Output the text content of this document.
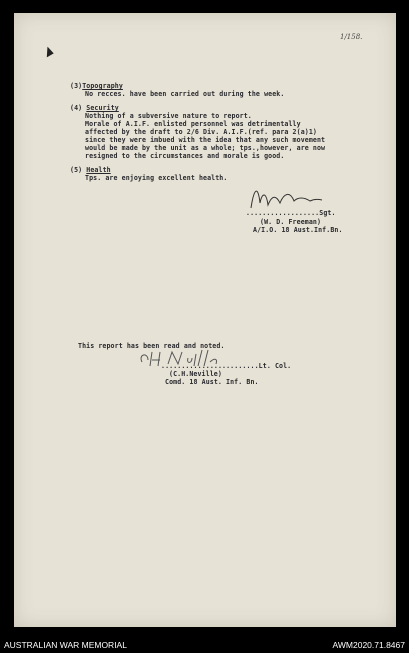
1/158.
(3)Topography
No recces. have been carried out during the week.
(4) Security
Nothing of a subversive nature to report.
Morale of A.I.F. enlisted personnel was detrimentally
affected by the draft to 2/6 Div. A.I.F.(ref. para 2(a)1)
since they were imbued with the idea that any such movement
would be made by the unit as a whole; tps.,however, are now
resigned to the circumstances and morale is good.
(5) Health
Tps. are enjoying excellent health.
..................Sgt.
(W. D. Freeman)
A/I.O. 18 Aust.Inf.Bn.
This report has been read and noted.
........................Lt. Col.
(C.H.Neville)
Comd. 18 Aust. Inf. Bn.
AUSTRALIAN WAR MEMORIAL	AWM2020.71.8467
